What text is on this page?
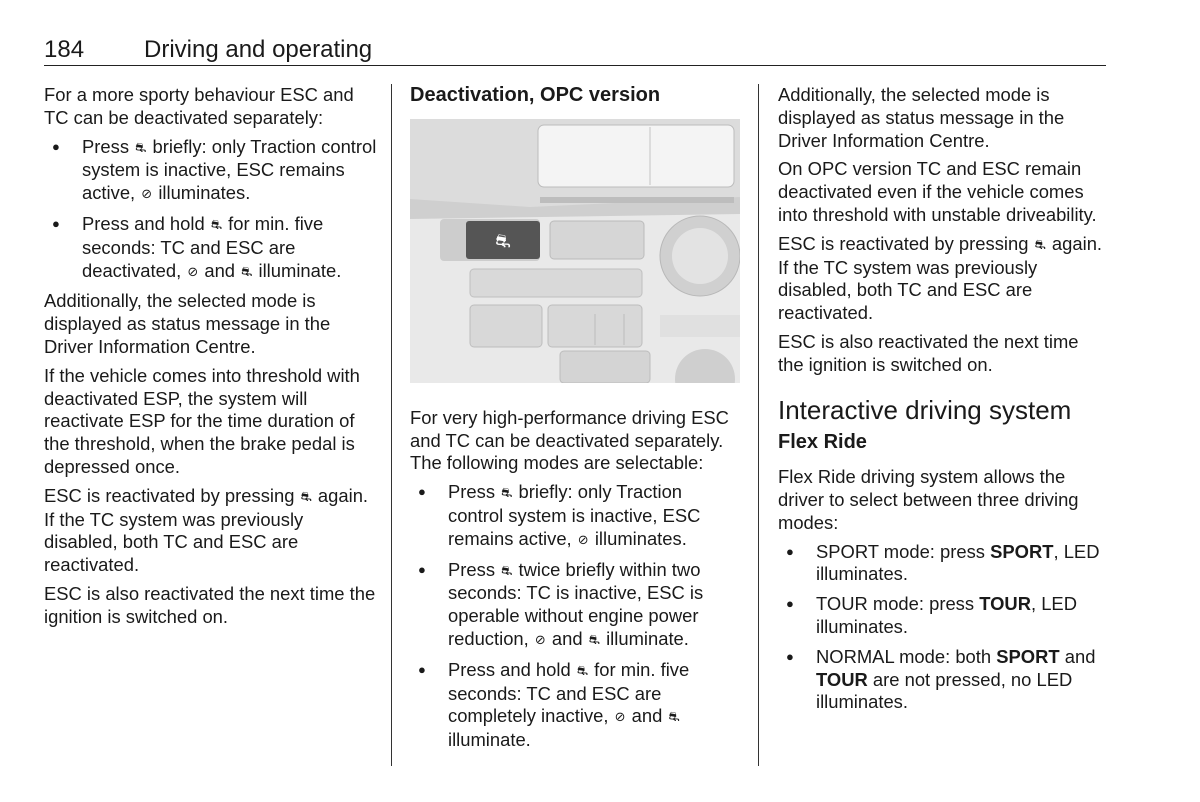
184 Driving and operating

For a more sporty behaviour ESC and TC can be deactivated separately:

● Press ⛐ briefly: only Traction control system is inactive, ESC remains active, ⊘ illuminates.
● Press and hold ⛐ for min. five seconds: TC and ESC are deactivated, ⊘ and ⛐ illuminate.

Additionally, the selected mode is displayed as status message in the Driver Information Centre.

If the vehicle comes into threshold with deactivated ESP, the system will reactivate ESP for the time duration of the threshold, when the brake pedal is depressed once.

ESC is reactivated by pressing ⛐ again. If the TC system was previously disabled, both TC and ESC are reactivated.

ESC is also reactivated the next time the ignition is switched on.

Deactivation, OPC version
⛐

For very high-performance driving ESC and TC can be deactivated separately. The following modes are selectable:

● Press ⛐ briefly: only Traction control system is inactive, ESC remains active, ⊘ illuminates.
● Press ⛐ twice briefly within two seconds: TC is inactive, ESC is operable without engine power reduction, ⊘ and ⛐ illuminate.
● Press and hold ⛐ for min. five seconds: TC and ESC are completely inactive, ⊘ and ⛐ illuminate.

Additionally, the selected mode is displayed as status message in the Driver Information Centre.

On OPC version TC and ESC remain deactivated even if the vehicle comes into threshold with unstable driveability.

ESC is reactivated by pressing ⛐ again. If the TC system was previously disabled, both TC and ESC are reactivated.

ESC is also reactivated the next time the ignition is switched on.

Interactive driving system
Flex Ride

Flex Ride driving system allows the driver to select between three driving modes:

● SPORT mode: press SPORT, LED illuminates.
● TOUR mode: press TOUR, LED illuminates.
● NORMAL mode: both SPORT and TOUR are not pressed, no LED illuminates.
